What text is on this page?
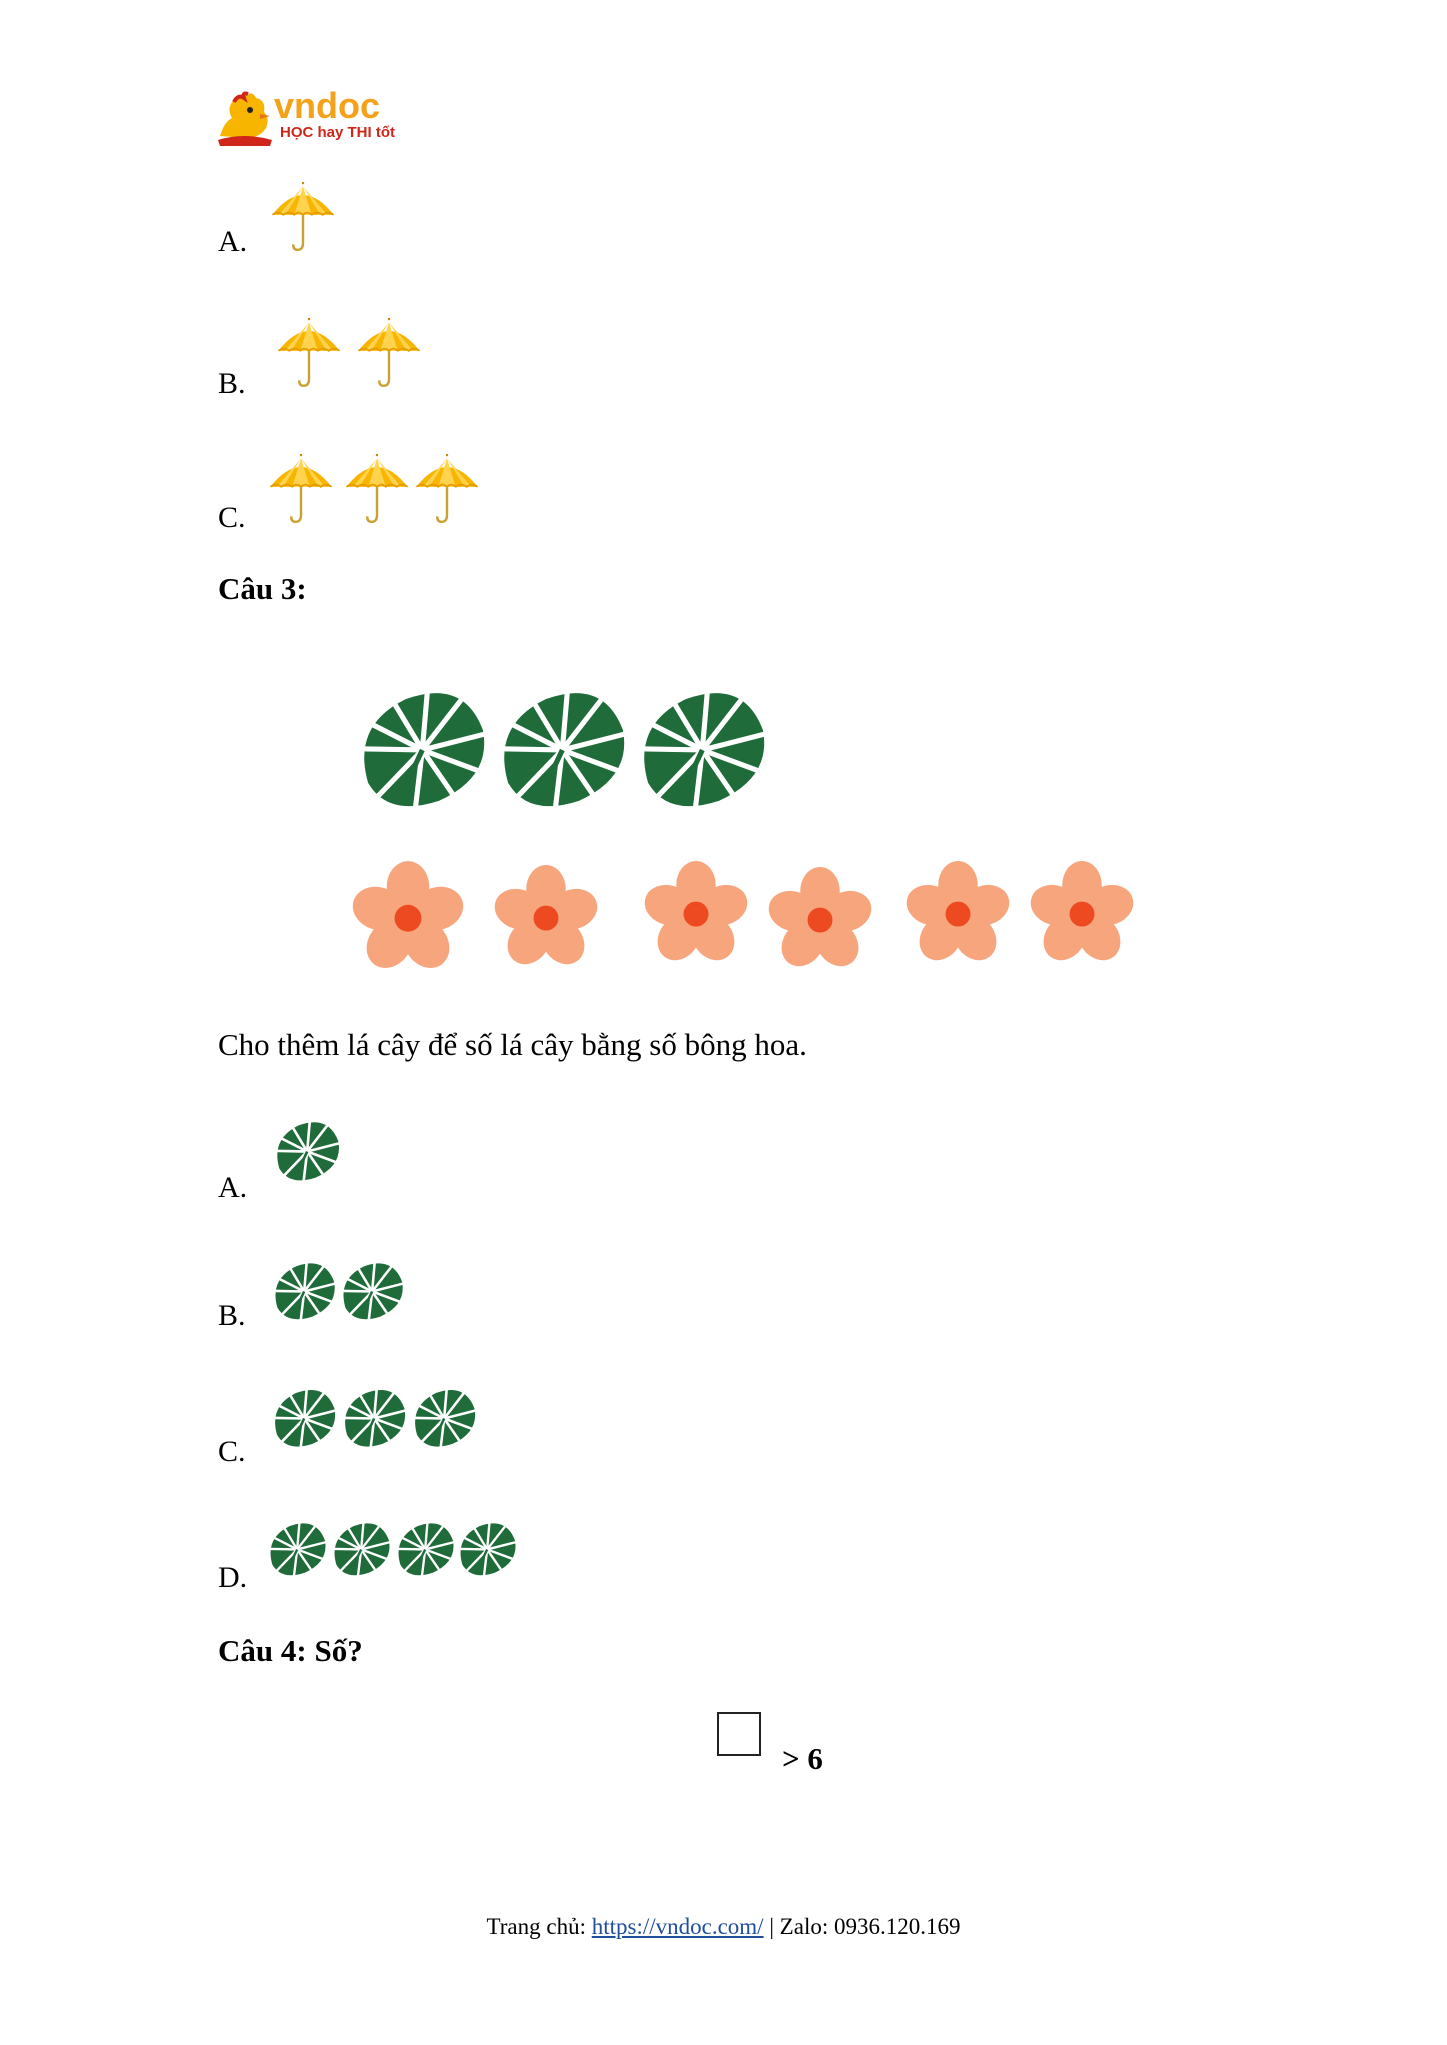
vndoc
HỌC hay THI tốt
A.
B.
C.
Câu 3:
Cho thêm lá cây để số lá cây bằng số bông hoa.
A.
B.
C.
D.
Câu 4: Số?
> 6
Trang chủ: https://vndoc.com/ | Zalo: 0936.120.169
